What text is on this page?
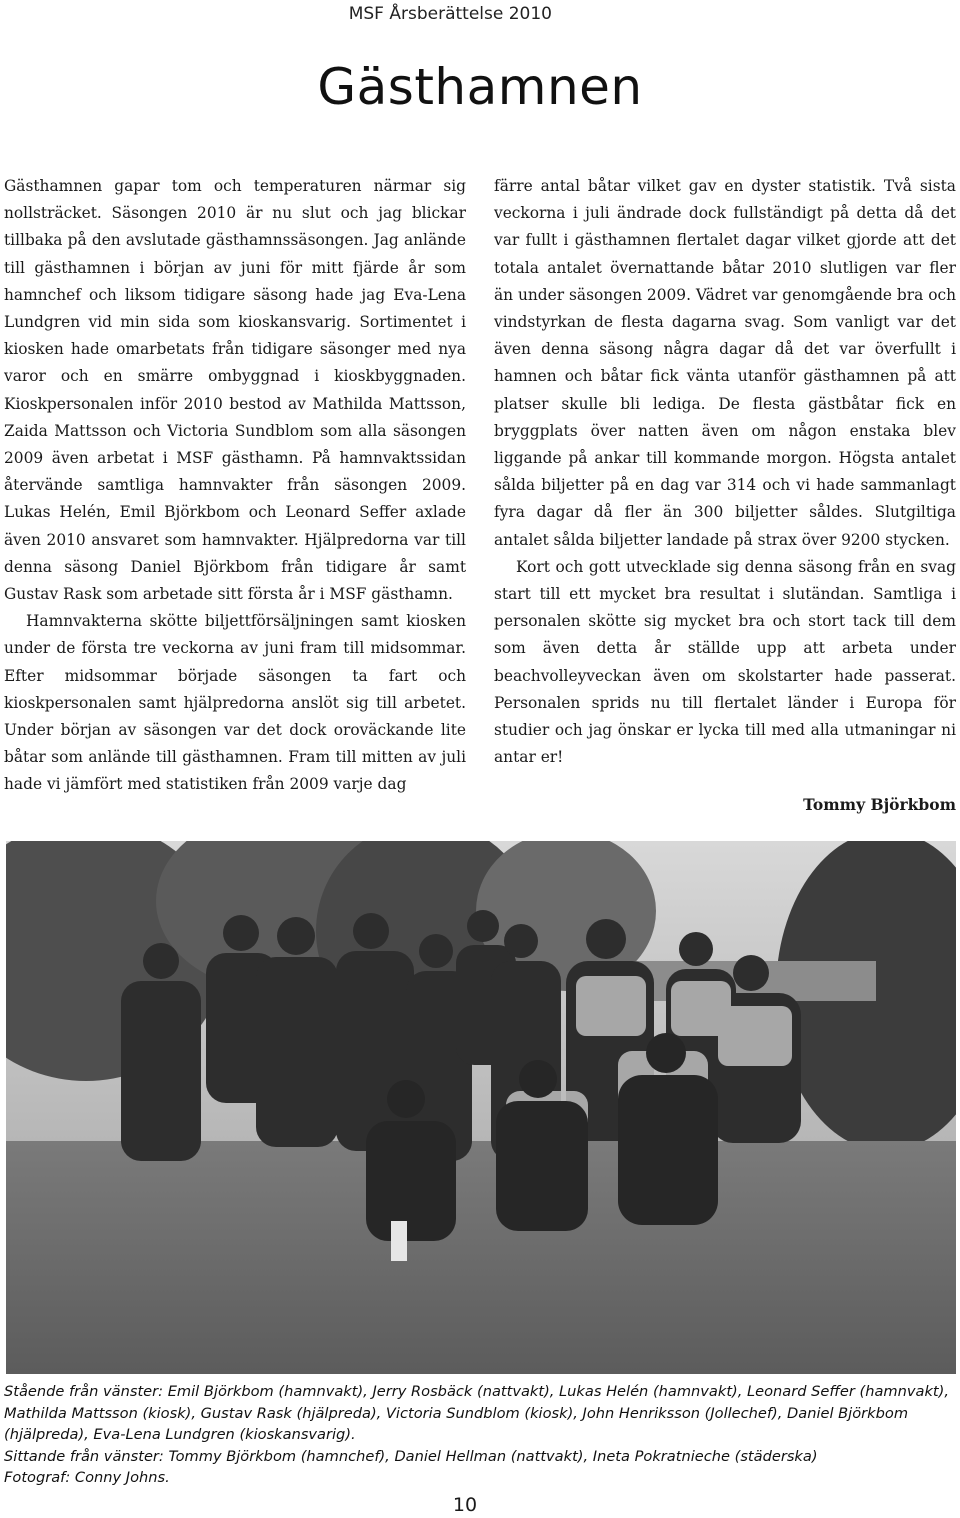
MSF Årsberättelse 2010
Gästhamnen

Gästhamnen gapar tom och temperaturen närmar sig nollsträcket. Säsongen 2010 är nu slut och jag blickar tillbaka på den avslutade gästhamnssäsongen. Jag anlände till gästhamnen i början av juni för mitt fjärde år som hamnchef och liksom tidigare säsong hade jag Eva-Lena Lundgren vid min sida som kioskansvarig. Sortimentet i kiosken hade omarbetats från tidigare säsonger med nya varor och en smärre ombyggnad i kioskbyggnaden. Kioskpersonalen inför 2010 bestod av Mathilda Mattsson, Zaida Mattsson och Victoria Sundblom som alla säsongen 2009 även arbetat i MSF gästhamn. På hamnvaktssidan återvände samtliga hamnvakter från säsongen 2009. Lukas Helén, Emil Björkbom och Leonard Seffer axlade även 2010 ansvaret som hamnvakter. Hjälpredorna var till denna säsong Daniel Björkbom från tidigare år samt Gustav Rask som arbetade sitt första år i MSF gästhamn.

Hamnvakterna skötte biljettförsäljningen samt kiosken under de första tre veckorna av juni fram till midsommar. Efter midsommar började säsongen ta fart och kioskpersonalen samt hjälpredorna anslöt sig till arbetet. Under början av säsongen var det dock oroväckande lite båtar som anlände till gästhamnen. Fram till mitten av juli hade vi jämfört med statistiken från 2009 varje dag

färre antal båtar vilket gav en dyster statistik. Två sista veckorna i juli ändrade dock fullständigt på detta då det var fullt i gästhamnen flertalet dagar vilket gjorde att det totala antalet övernattande båtar 2010 slutligen var fler än under säsongen 2009. Vädret var genomgående bra och vindstyrkan de flesta dagarna svag. Som vanligt var det även denna säsong några dagar då det var överfullt i hamnen och båtar fick vänta utanför gästhamnen på att platser skulle bli lediga. De flesta gästbåtar fick en bryggplats över natten även om någon enstaka blev liggande på ankar till kommande morgon. Högsta antalet sålda biljetter på en dag var 314 och vi hade sammanlagt fyra dagar då fler än 300 biljetter såldes. Slutgiltiga antalet sålda biljetter landade på strax över 9200 stycken.

Kort och gott utvecklade sig denna säsong från en svag start till ett mycket bra resultat i slutändan. Samtliga i personalen skötte sig mycket bra och stort tack till dem som även detta år ställde upp att arbeta under beachvolleyveckan även om skolstarter hade passerat. Personalen sprids nu till flertalet länder i Europa för studier och jag önskar er lycka till med alla utmaningar ni antar er!

Tommy Björkbom

Stående från vänster: Emil Björkbom (hamnvakt), Jerry Rosbäck (nattvakt), Lukas Helén (hamnvakt), Leonard Seffer (hamnvakt), Mathilda Mattsson (kiosk), Gustav Rask (hjälpreda), Victoria Sundblom (kiosk), John Henriksson (Jollechef), Daniel Björkbom (hjälpreda), Eva-Lena Lundgren (kioskansvarig).

Sittande från vänster: Tommy Björkbom (hamnchef), Daniel Hellman (nattvakt), Ineta Pokratnieche (städerska)

Fotograf: Conny Johns.

10
